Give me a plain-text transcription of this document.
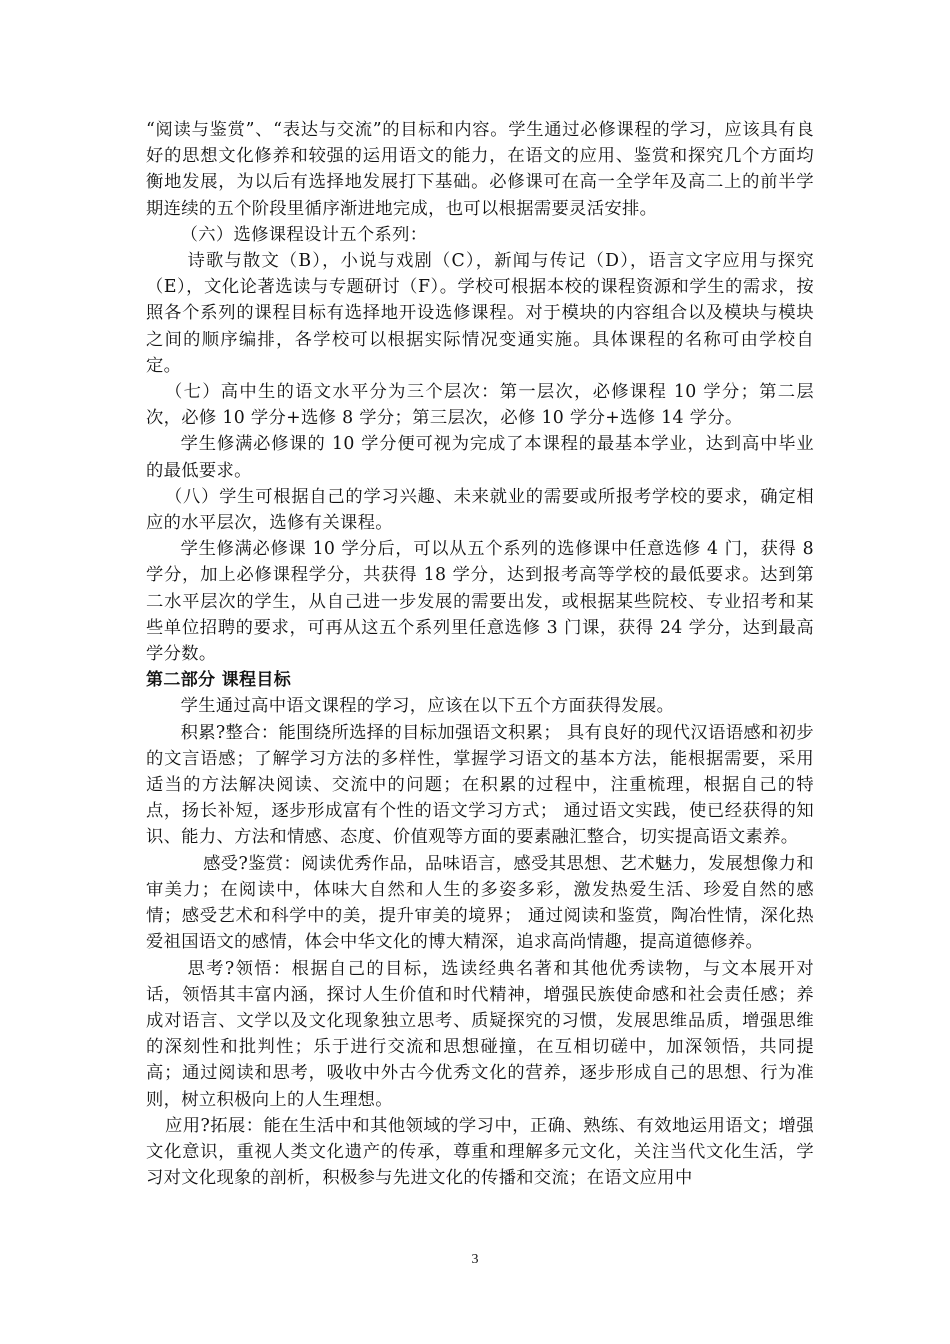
“阅读与鉴赏”、“表达与交流”的目标和内容。学生通过必修课程的学习，应该具有良好的思想文化修养和较强的运用语文的能力，在语文的应用、鉴赏和探究几个方面均衡地发展，为以后有选择地发展打下基础。必修课可在高一全学年及高二上的前半学期连续的五个阶段里循序渐进地完成，也可以根据需要灵活安排。

（六）选修课程设计五个系列：

诗歌与散文（B），小说与戏剧（C），新闻与传记（D），语言文字应用与探究（E），文化论著选读与专题研讨（F）。学校可根据本校的课程资源和学生的需求，按照各个系列的课程目标有选择地开设选修课程。对于模块的内容组合以及模块与模块之间的顺序编排，各学校可以根据实际情况变通实施。具体课程的名称可由学校自定。

（七）高中生的语文水平分为三个层次：第一层次，必修课程 10 学分；第二层次，必修 10 学分+选修 8 学分；第三层次，必修 10 学分+选修 14 学分。

学生修满必修课的 10 学分便可视为完成了本课程的最基本学业，达到高中毕业的最低要求。

（八）学生可根据自己的学习兴趣、未来就业的需要或所报考学校的要求，确定相应的水平层次，选修有关课程。

学生修满必修课 10 学分后，可以从五个系列的选修课中任意选修 4 门，获得 8 学分，加上必修课程学分，共获得 18 学分，达到报考高等学校的最低要求。达到第二水平层次的学生，从自己进一步发展的需要出发，或根据某些院校、专业招考和某些单位招聘的要求，可再从这五个系列里任意选修 3 门课，获得 24 学分，达到最高学分数。

第二部分 课程目标

学生通过高中语文课程的学习，应该在以下五个方面获得发展。

积累?整合：能围绕所选择的目标加强语文积累； 具有良好的现代汉语语感和初步的文言语感；了解学习方法的多样性，掌握学习语文的基本方法，能根据需要，采用适当的方法解决阅读、交流中的问题；在积累的过程中，注重梳理，根据自己的特点，扬长补短，逐步形成富有个性的语文学习方式； 通过语文实践，使已经获得的知识、能力、方法和情感、态度、价值观等方面的要素融汇整合，切实提高语文素养。

感受?鉴赏：阅读优秀作品，品味语言，感受其思想、艺术魅力，发展想像力和审美力；在阅读中，体味大自然和人生的多姿多彩，激发热爱生活、珍爱自然的感情；感受艺术和科学中的美，提升审美的境界； 通过阅读和鉴赏，陶冶性情，深化热爱祖国语文的感情，体会中华文化的博大精深，追求高尚情趣，提高道德修养。

思考?领悟：根据自己的目标，选读经典名著和其他优秀读物，与文本展开对话，领悟其丰富内涵，探讨人生价值和时代精神，增强民族使命感和社会责任感；养成对语言、文学以及文化现象独立思考、质疑探究的习惯，发展思维品质，增强思维的深刻性和批判性；乐于进行交流和思想碰撞，在互相切磋中，加深领悟，共同提高；通过阅读和思考，吸收中外古今优秀文化的营养，逐步形成自己的思想、行为准则，树立积极向上的人生理想。

应用?拓展：能在生活中和其他领域的学习中，正确、熟练、有效地运用语文；增强文化意识，重视人类文化遗产的传承，尊重和理解多元文化，关注当代文化生活，学习对文化现象的剖析，积极参与先进文化的传播和交流；在语文应用中

3
